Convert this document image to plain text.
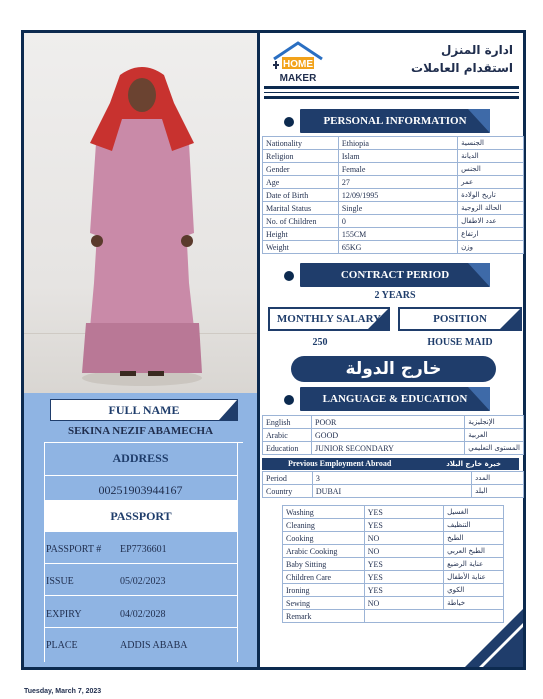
FULL NAME
SEKINA NEZIF ABAMECHA
ADDRESS
00251903944167
PASSPORT
PASSPORT # EP7736601
ISSUE	05/02/2023
EXPIRY	04/02/2028
PLACE	ADDIS ABABA
HOME
MAKER
ادارة المنزل
استقدام العاملات
PERSONAL INFORMATION
Nationality	Ethiopia	الجنسية
Religion	Islam	الديانة
Gender	Female	الجنس
Age	27	عمر
Date of Birth	12/09/1995	تاريخ الولادة
Marital Status	Single	الحالة الزوجية
No. of Children	0	عدد الاطفال
Height	155CM	ارتفاع
Weight	65KG	وزن
CONTRACT PERIOD
2 YEARS
MONTHLY SALARY	POSITION
250	HOUSE MAID
خارج الدولة
LANGUAGE & EDUCATION
English	POOR	الإنجليزية
Arabic	GOOD	العربية
Education	JUNIOR SECONDARY	المستوى التعليمي
Previous Employment Abroad	خبرة خارج البلاد
Period	3	المدد
Country	DUBAI	البلد
Washing	YES	الغسيل
Cleaning	YES	التنظيف
Cooking	NO	الطبخ
Arabic Cooking	NO	الطبخ العربي
Baby Sitting	YES	عناية الرضيع
Children Care	YES	عناية الأطفال
Ironing	YES	الكوي
Sewing	NO	خياطة
Remark		
Tuesday, March 7, 2023
